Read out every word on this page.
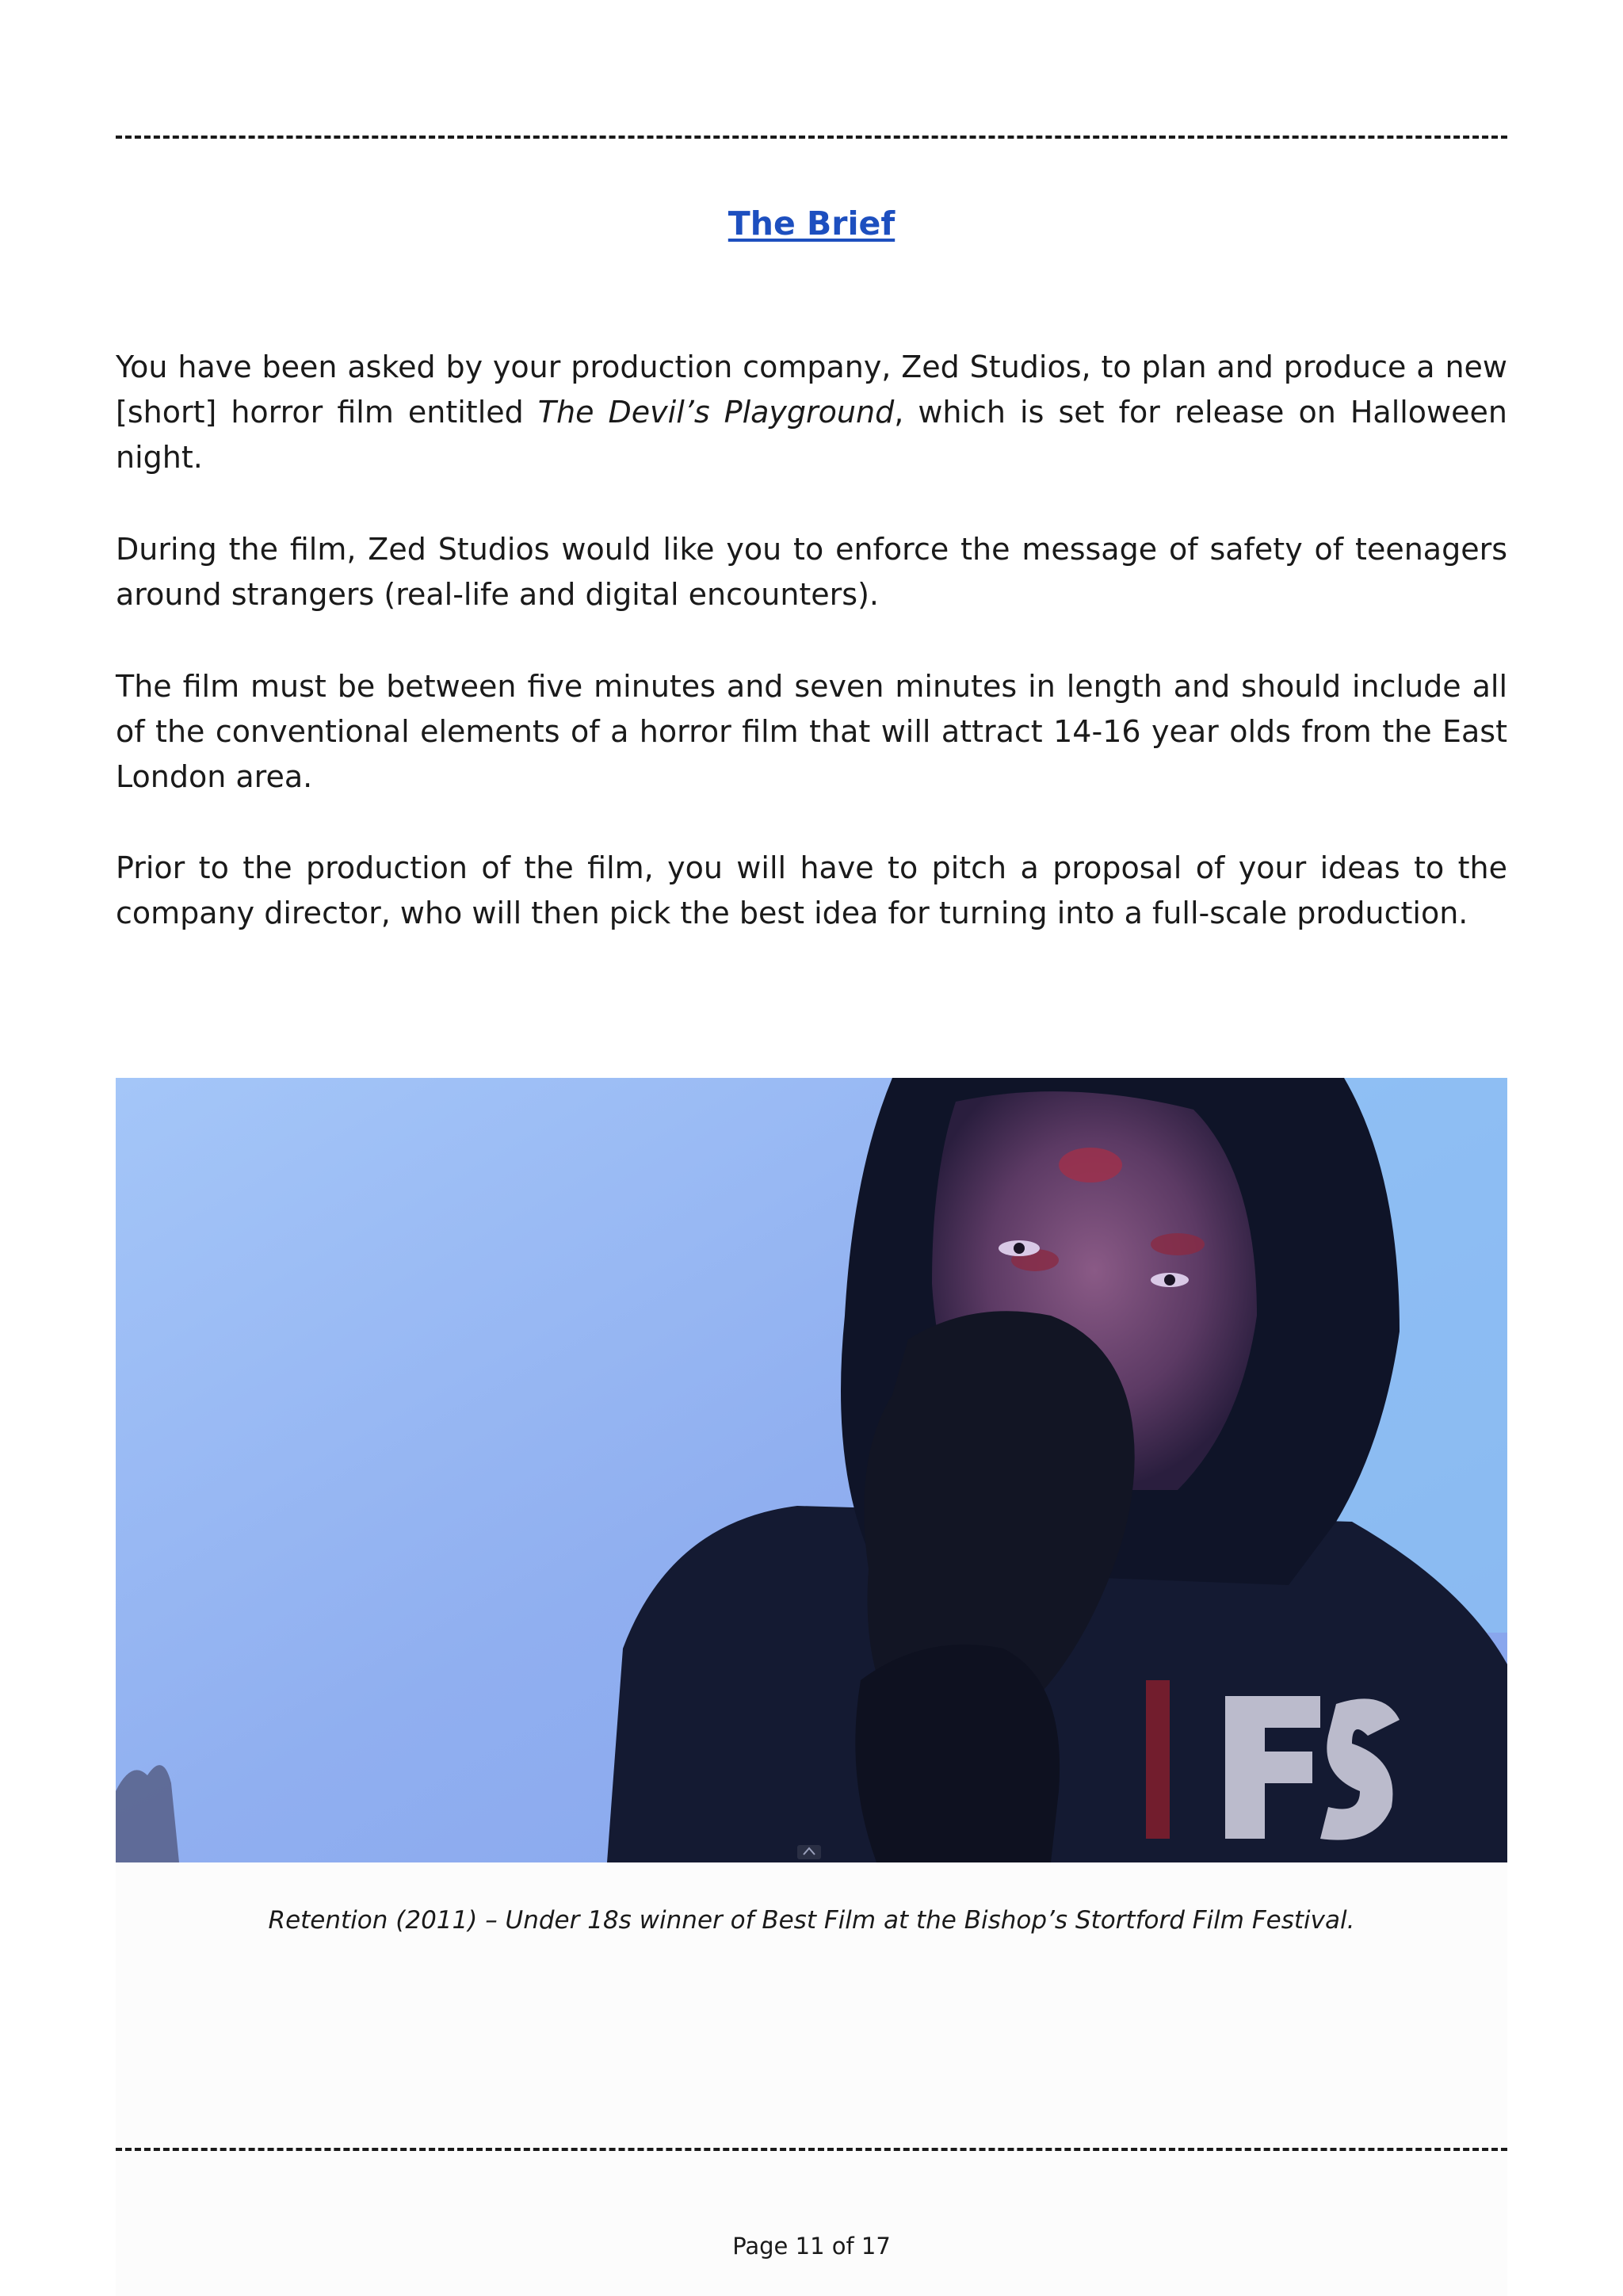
The Brief
You have been asked by your production company, Zed Studios, to plan and produce a new [short] horror film entitled The Devil’s Playground, which is set for release on Halloween night.
During the film, Zed Studios would like you to enforce the message of safety of teenagers around strangers (real-life and digital encounters).
The film must be between five minutes and seven minutes in length and should include all of the conventional elements of a horror film that will attract 14-16 year olds from the East London area.
Prior to the production of the film, you will have to pitch a proposal of your ideas to the company director, who will then pick the best idea for turning into a full-scale production.
Retention (2011) – Under 18s winner of Best Film at the Bishop’s Stortford Film Festival.
Page 11 of 17
